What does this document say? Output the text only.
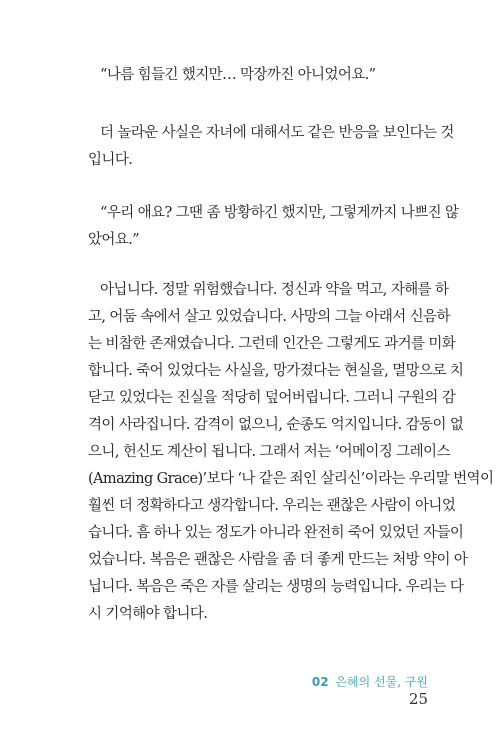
“나름 힘들긴 했지만… 막장까진 아니었어요.”
더 놀라운 사실은 자녀에 대해서도 같은 반응을 보인다는 것
입니다.
“우리 애요? 그땐 좀 방황하긴 했지만, 그렇게까지 나쁘진 않
았어요.”
아닙니다. 정말 위험했습니다. 정신과 약을 먹고, 자해를 하
고, 어둠 속에서 살고 있었습니다. 사망의 그늘 아래서 신음하
는 비참한 존재였습니다. 그런데 인간은 그렇게도 과거를 미화
합니다. 죽어 있었다는 사실을, 망가졌다는 현실을, 멸망으로 치
닫고 있었다는 진실을 적당히 덮어버립니다. 그러니 구원의 감
격이 사라집니다. 감격이 없으니, 순종도 억지입니다. 감동이 없
으니, 헌신도 계산이 됩니다. 그래서 저는 ‘어메이징 그레이스
(Amazing Grace)’보다 ‘나 같은 죄인 살리신’이라는 우리말 번역이
훨씬 더 정확하다고 생각합니다. 우리는 괜찮은 사람이 아니었
습니다. 흠 하나 있는 정도가 아니라 완전히 죽어 있었던 자들이
었습니다. 복음은 괜찮은 사람을 좀 더 좋게 만드는 처방 약이 아
닙니다. 복음은 죽은 자를 살리는 생명의 능력입니다. 우리는 다
시 기억해야 합니다.
02 은혜의 선물, 구원 25
